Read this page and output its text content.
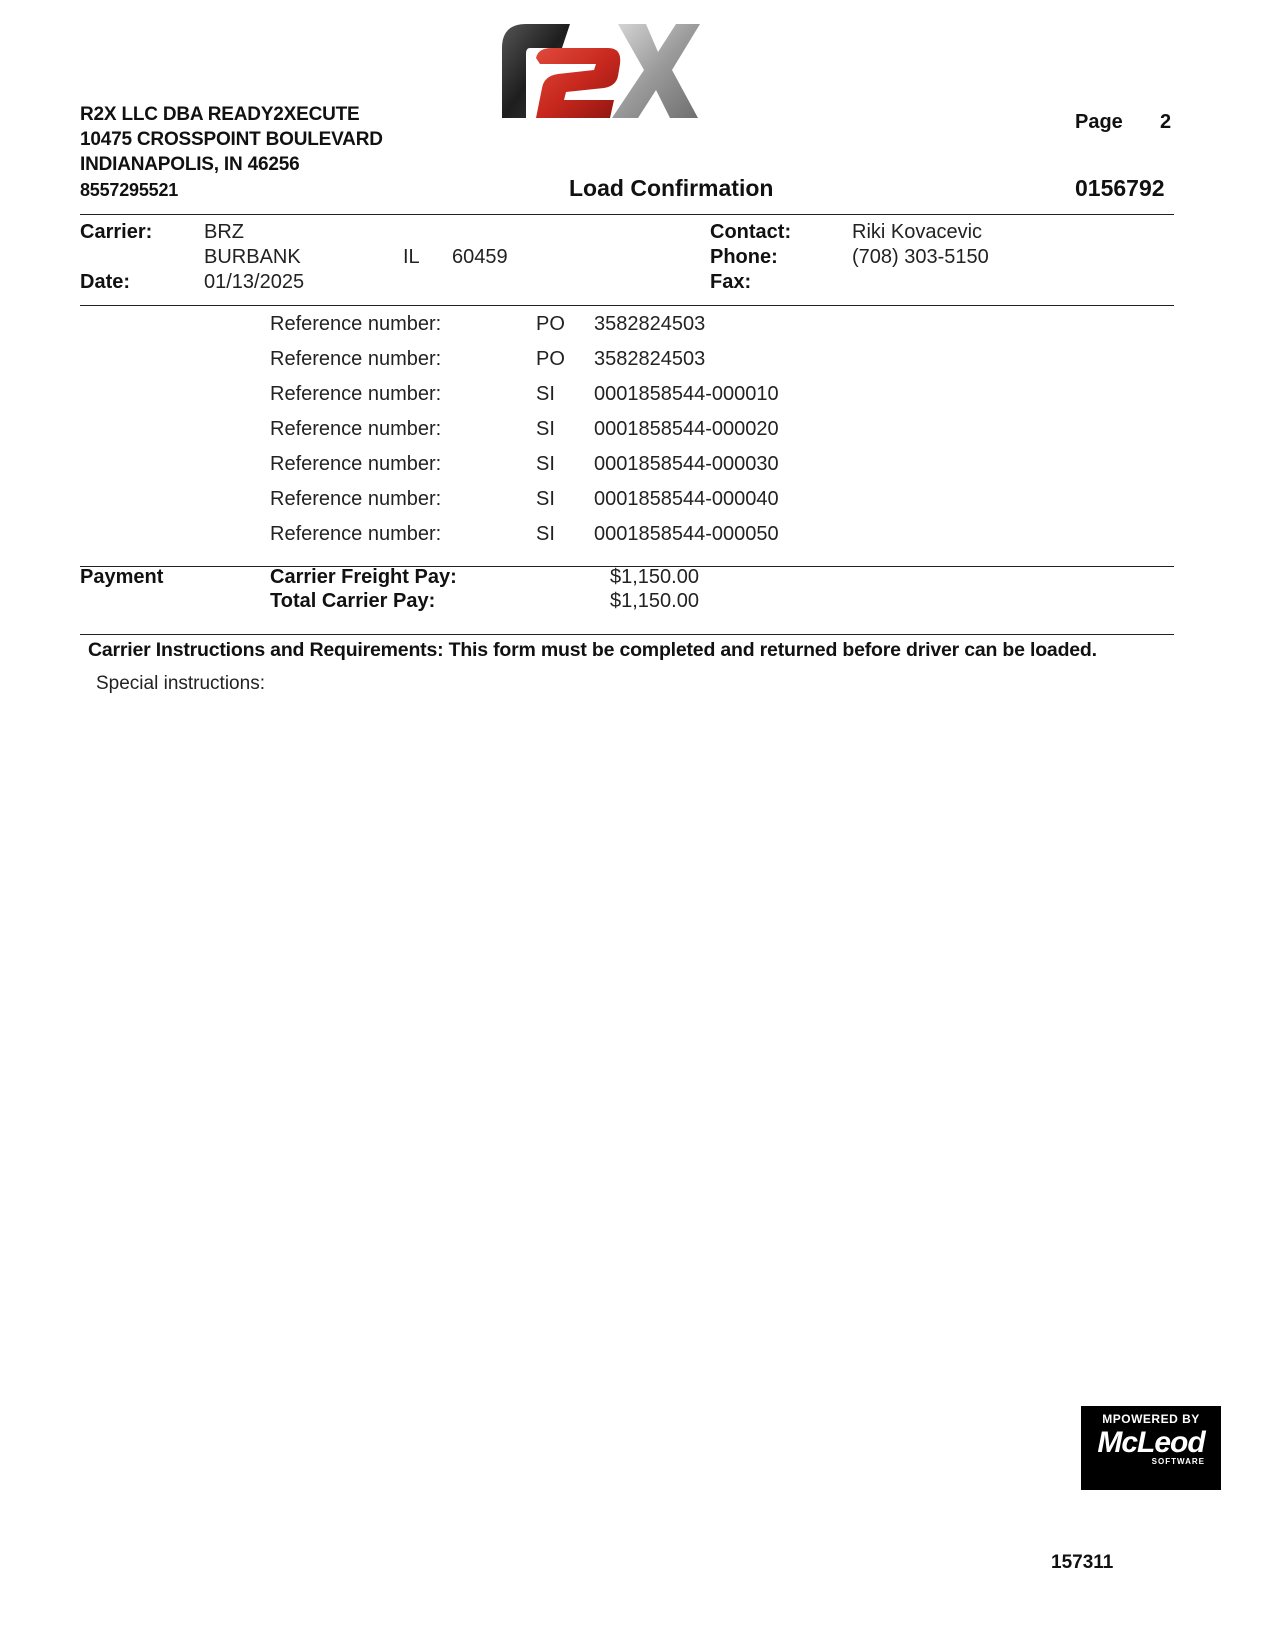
R2X LLC DBA READY2XECUTE
10475 CROSSPOINT BOULEVARD
INDIANAPOLIS, IN 46256
8557295521
Page 2
Load Confirmation	0156792
Carrier:	BRZ
BURBANK	IL 60459
Date:	01/13/2025
Contact:	Riki Kovacevic
Phone:	(708) 303-5150
Fax:
Reference number:	PO 3582824503
Reference number:	PO 3582824503
Reference number:	SI 0001858544-000010
Reference number:	SI 0001858544-000020
Reference number:	SI 0001858544-000030
Reference number:	SI 0001858544-000040
Reference number:	SI 0001858544-000050
Payment	Carrier Freight Pay:	$1,150.00
Total Carrier Pay:	$1,150.00
Carrier Instructions and Requirements: This form must be completed and returned before driver can be loaded.
Special instructions:
MPOWERED BY
McLeod
SOFTWARE
157311
